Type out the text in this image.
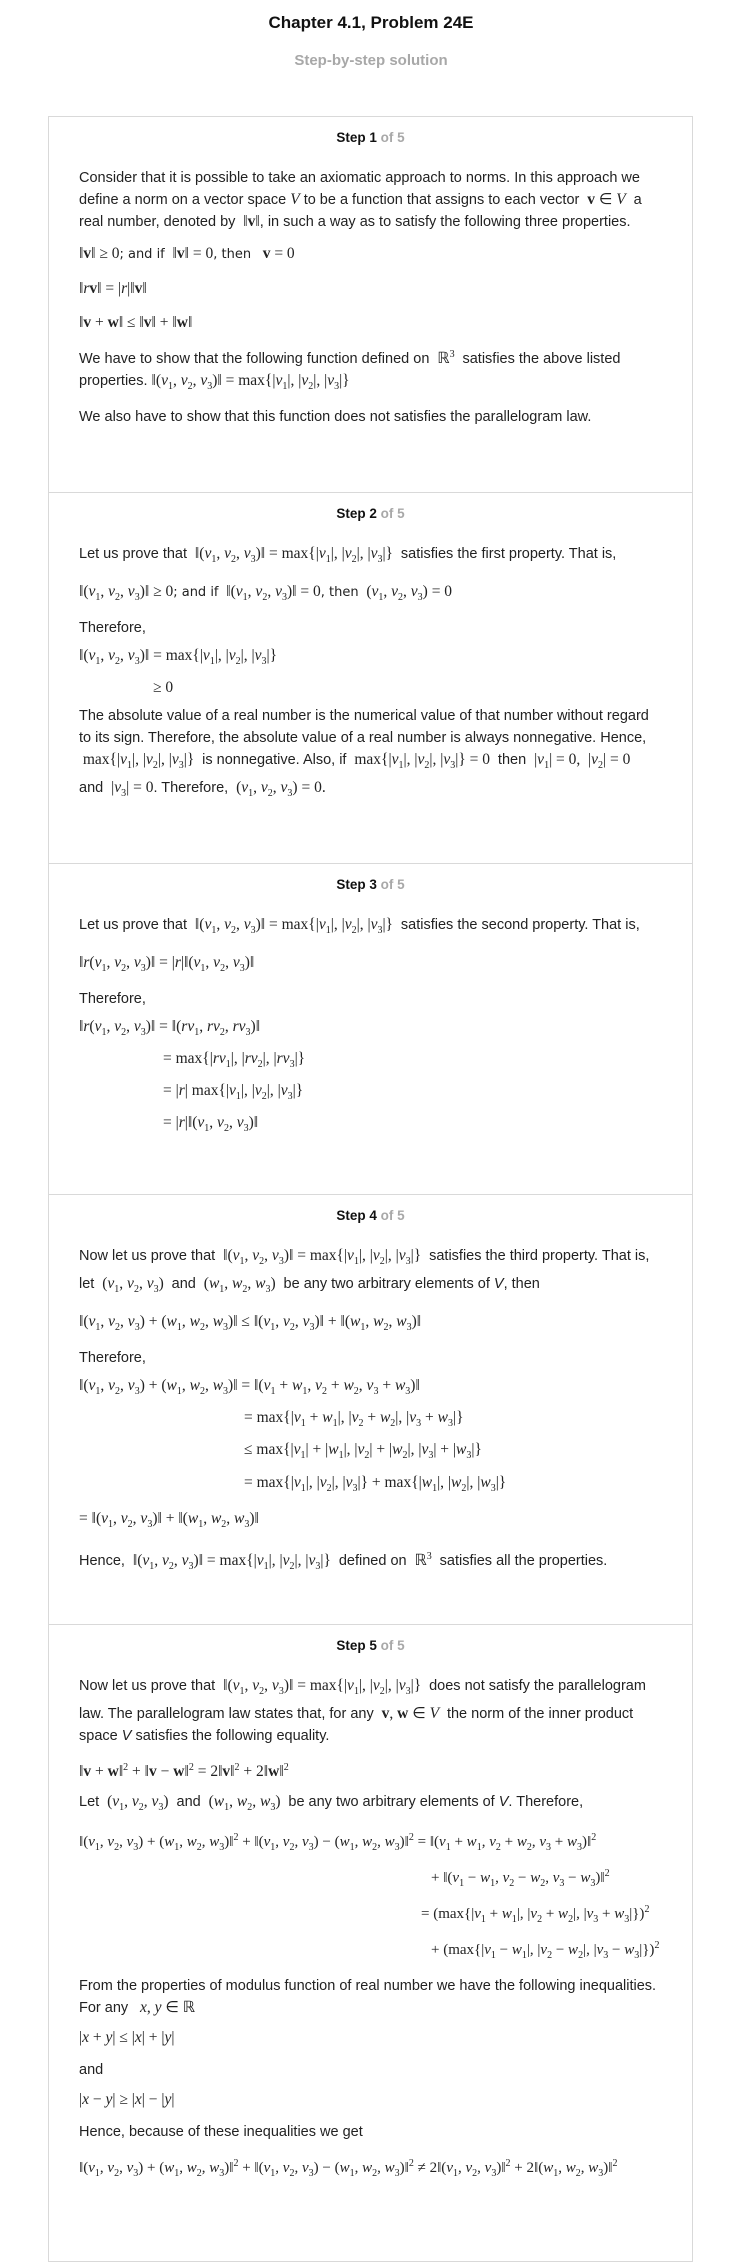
Chapter 4.1, Problem 24E
Step-by-step solution
Step 1 of 5

Consider that it is possible to take an axiomatic approach to norms. In this approach we define a norm on a vector space V to be a function that assigns to each vector v ∈ V a real number, denoted by  ‖v‖, in such a way as to satisfy the following three properties.

‖v‖ ≥ 0; and if  ‖v‖ = 0, then v = 0
‖rv‖ = |r|‖v‖
‖v + w‖ ≤ ‖v‖ + ‖w‖

We have to show that the following function defined on  ℝ$^3$ satisfies the above listed properties. $‖(v_1$, $v_2$, $v_3)‖ = \max\{|v_1|$, $|v_2|$, $|v_3|$}

We also have to show that this function does not satisfies the parallelogram law.

Step 2 of 5

Let us prove that  $‖(v_1$, $v_2$, $v_3)‖ = \max\{|v_1|$, $|v_2|$, $|v_3|$}  satisfies the first property. That is,

$‖(v_1$, $v_2$, $v_3)‖ \ge 0$; and if  $‖(v_1$, $v_2$, $v_3)‖ = 0$, then  ($v_1$, $v_2$, $v_3) = 0$

Therefore,

$‖(v_1$, $v_2$, $v_3)‖ = \max\{|v_1|$, $|v_2|$, $|v_3|$}
≥ 0

The absolute value of a real number is the numerical value of that number without regard to its sign. Therefore, the absolute value of a real number is always nonnegative. Hence,  $\max\{|v_1|$, $|v_2|$, $|v_3|$}  is nonnegative. Also, if  $\max\{|v_1|$, $|v_2|$, $|v_3|\} = 0$  then  $|v_1| = 0$,  $|v_2| = 0$  and  $|v_3| = 0$. Therefore,  ($v_1$, $v_2$, $v_3) = 0$.

Step 3 of 5

Let us prove that  $‖(v_1$, $v_2$, $v_3)‖ = \max\{|v_1|$, $|v_2|$, $|v_3|$}  satisfies the second property. That is,

$‖r(v_1$, $v_2$, $v_3)‖$ = $|r|‖(v_1$, $v_2$, $v_3)‖$

Therefore,

$‖r(v_1$, $v_2$, $v_3)‖$ = $‖(rv_1$, $rv_2$, $rv_3)‖$
= $\max\{|rv_1|$, $|rv_2|$, $|rv_3|$}
= |r| $\max\{|v_1|$, $|v_2|$, $|v_3|$}
= $|r|‖(v_1$, $v_2$, $v_3)‖$
Step 4 of 5

Now let us prove that  $‖(v_1$, $v_2$, $v_3)‖ = \max\{|v_1|$, $|v_2|$, $|v_3|$}  satisfies the third property. That is, let  ($v_1$, $v_2$, $v_3$)  and  ($w_1$, $w_2$, $w_3$)  be any two arbitrary elements of V, then

$‖(v_1$, $v_2$, $v_3) + (w_1$, $w_2$, $w_3)‖$ ≤ $‖(v_1$, $v_2$, $v_3)‖$ + $‖(w_1$, $w_2$, $w_3)‖$

Therefore,

$‖(v_1$, $v_2$, $v_3) + (w_1$, $w_2$, $w_3)‖$ = $‖(v_1 + w_1$, $v_2 + w_2$, $v_3$ + $w_3)‖$
= $\max\{|v_1 + w_1|$, $|v_2 + w_2|$, $|v_3 + w_3|$}
≤ $\max\{|v_1| + |w_1|$, $|v_2| + |w_2|$, $|v_3| + |w_3|$}
= $\max\{|v_1|$, $|v_2|$, $|v_3|\} + \max\{|w_1|$, $|w_2|$, $|w_3|$}
= $‖(v_1$, $v_2$, $v_3)‖$ + $‖(w_1$, $w_2$, $w_3)‖$

Hence,  $‖(v_1$, $v_2$, $v_3)‖ = \max\{|v_1|$, $|v_2|$, $|v_3|$}  defined on  ℝ$^3$ satisfies all the properties.

Step 5 of 5

Now let us prove that  $‖(v_1$, $v_2$, $v_3)‖ = \max\{|v_1|$, $|v_2|$, $|v_3|$}  does not satisfy the parallelogram law. The parallelogram law states that, for any v, w ∈ V the norm of the inner product space V satisfies the following equality.

‖v + w‖$^2$ + ‖v − w‖$^2$ = 2‖v‖$^2$ + 2‖w‖$^2$

Let  ($v_1$, $v_2$, $v_3$)  and  ($w_1$, $w_2$, $w_3$)  be any two arbitrary elements of V. Therefore,

$‖(v_1$, $v_2$, $v_3) + (w_1$, $w_2$, $w_3)‖^2$ + $‖(v_1$, $v_2$, $v_3) - (w_1$, $w_2$, $w_3)‖^2$ = $‖(v_1 + w_1$, $v_2 + w_2$, $v_3$ + $w_3)‖^2$
+ $‖(v_1 - w_1$, $v_2 - w_2$, $v_3$ − $w_3)‖^2$
= ($\max\{|v_1 + w_1|$, $|v_2 + w_2|$, $|v_3 + w_3|\})^2$
+ ($\max\{|v_1 - w_1|$, $|v_2 - w_2|$, $|v_3 - w_3|\})^2$

From the properties of modulus function of real number we have the following inequalities.

For any x, y ∈ ℝ

|x + y| ≤ |x| + |y|

and

|x − y| ≥ |x| − |y|

Hence, because of these inequalities we get

$‖(v_1$, $v_2$, $v_3) + (w_1$, $w_2$, $w_3)‖^2$ + $‖(v_1$, $v_2$, $v_3) - (w_1$, $w_2$, $w_3)‖^2$ ≠ $2‖(v_1$, $v_2$, $v_3)‖^2$ + $2‖(w_1$, $w_2$, $w_3)‖^2$
